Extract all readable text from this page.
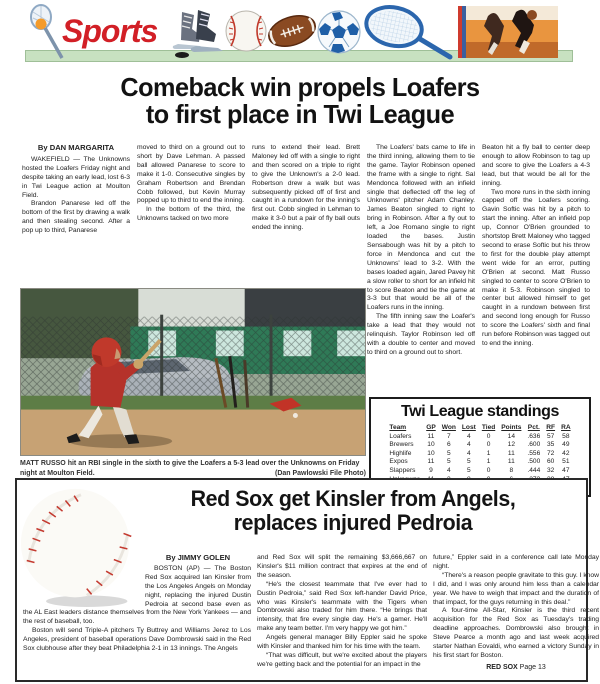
Sports
Comeback win propels Loafers
to first place in Twi League
By DAN MARGARITA

WAKEFIELD — The Unknowns hosted the Loafers Friday night and despite taking an early lead, lost 6-3 in Twi League action at Moulton Field.

Brandon Panarese led off the bottom of the first by drawing a walk and then stealing second. After a pop up to third, Panarese

moved to third on a ground out to short by Dave Lehman. A passed ball allowed Panarese to score to make it 1-0. Consecutive singles by Graham Robertson and Brendan Cobb followed, but Kevin Murray popped up to third to end the inning.

In the bottom of the third, the Unknowns tacked on two more

runs to extend their lead. Brett Maloney led off with a single to right and then scored on a triple to right to give the Unknown's a 2-0 lead. Robertson drew a walk but was subsequently picked off of first and caught in a rundown for the inning's first out. Cobb singled in Lehman to make it 3-0 but a pair of fly ball outs ended the inning.

The Loafers' bats came to life in the third inning, allowing them to tie the game. Taylor Robinson opened the frame with a single to right. Sal Mendonca followed with an infield single that deflected off the leg of Unknowns' pitcher Adam Chanley. James Beaton singled to right to bring in Robinson. After a fly out to left, a Joe Romano single to right loaded the bases. Justin Sensabough was hit by a pitch to force in Mendonca and cut the Unknowns' lead to 3-2. With the bases loaded again, Jared Pavey hit a slow roller to short for an infield hit to score Beaton and tie the game at 3-3 but that would be all of the Loafers runs in the inning.

The fifth inning saw the Loafer's take a lead that they would not relinquish. Taylor Robinson led off with a double to center and moved to third on a ground out to short.

Beaton hit a fly ball to center deep enough to allow Robinson to tag up and score to give the Loafers a 4-3 lead, but that would be all for the inning.

Two more runs in the sixth inning capped off the Loafers scoring. Gavin Softic was hit by a pitch to start the inning. After an infield pop up, Connor O'Brien grounded to shortstop Brett Maloney who tagged second to erase Softic but his throw to first for the double play attempt went wide for an error, putting O'Brien at second. Matt Russo singled to center to score O'Brien to make it 5-3. Robinson singled to center but allowed himself to get caught in a rundown between first and second long enough for Russo to score the Loafers' sixth and final run before Robinson was tagged out to end the inning.

MATT RUSSO hit an RBI single in the sixth to give the Loafers a 5-3 lead over the Unknowns on Friday
night at Moulton Field.	(Dan Pawlowski File Photo)
Twi League standings
Team	GP	Won	Lost	Tied	Points	Pct.	RF	RA
Loafers	11	7	4	0	14	.636	57	58
Brewers	10	6	4	0	12	.600	35	49
Highlife	10	5	4	1	11	.556	72	42
Expos	11	5	5	1	11	.500	60	51
Slappers	9	4	5	0	8	.444	32	47

Red Sox get Kinsler from Angels,
replaces injured Pedroia
By JIMMY GOLEN

BOSTON (AP) — The Boston Red Sox acquired Ian Kinsler from the Los Angeles Angels on Monday night, replacing the injured Dustin Pedroia at second base even as the AL East leaders distance themselves from the New York Yankees — and the rest of baseball, too.

Boston will send Triple-A pitchers Ty Buttrey and Williams Jerez to Los Angeles, president of baseball operations Dave Dombrowski said in the Red Sox clubhouse after they beat Philadelphia 2-1 in 13 innings. The Angels

and Red Sox will split the remaining $3,666,667 on Kinsler's $11 million contract that expires at the end of the season.

“He's the closest teammate that I've ever had to Dustin Pedroia,” said Red Sox left-hander David Price, who was Kinsler's teammate with the Tigers when Dombrowski also traded for him there. “He brings that intensity, that fire every single day. He's a gamer. He'll make any team better. I'm very happy we got him.”

Angels general manager Billy Eppler said he spoke with Kinsler and thanked him for his time with the team.

“That was difficult, but we're excited about the players we're getting back and the potential for an impact in the

future,” Eppler said in a conference call late Monday night.

“There's a reason people gravitate to this guy. I know I did, and I was only around him less than a calendar year. We have to weigh that impact and the duration of that impact, for the guys returning in this deal.”

A four-time All-Star, Kinsler is the third recent acquisition for the Red Sox as Tuesday's trading deadline approaches. Dombrowski also brought in Steve Pearce a month ago and last week acquired starter Nathan Eovaldi, who earned a victory Sunday in his first start for Boston.

RED SOX Page 13
